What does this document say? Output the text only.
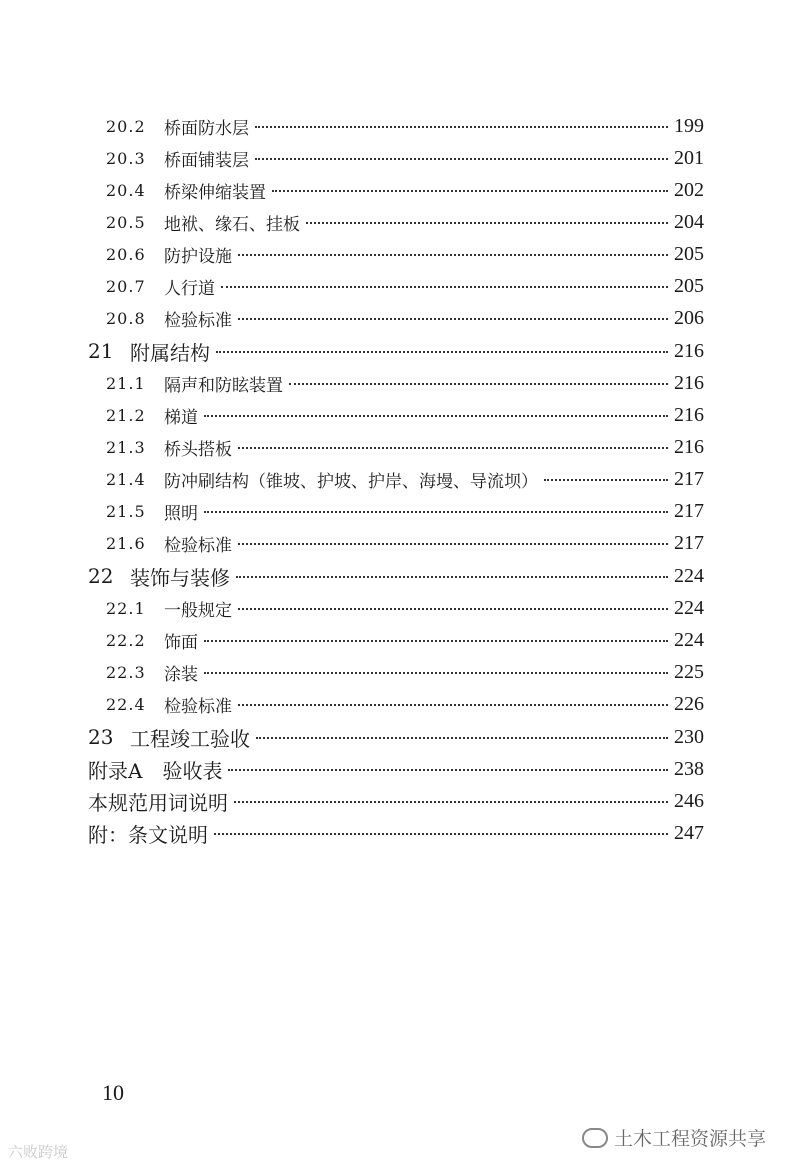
20.2	桥面防水层	199
20.3	桥面铺装层	201
20.4	桥梁伸缩装置	202
20.5	地袱、缘石、挂板	204
20.6	防护设施	205
20.7	人行道	205
20.8	检验标准	206
21 附属结构	216
21.1	隔声和防眩装置	216
21.2	梯道	216
21.3	桥头搭板	216
21.4	防冲刷结构（锥坡、护坡、护岸、海墁、导流坝）	217
21.5	照明	217
21.6	检验标准	217
22 装饰与装修	224
22.1	一般规定	224
22.2	饰面	224
22.3	涂装	225
22.4	检验标准	226
23 工程竣工验收	230
附录A　验收表	238
本规范用词说明	246
附：条文说明	247
10
六败跨境
土木工程资源共享
